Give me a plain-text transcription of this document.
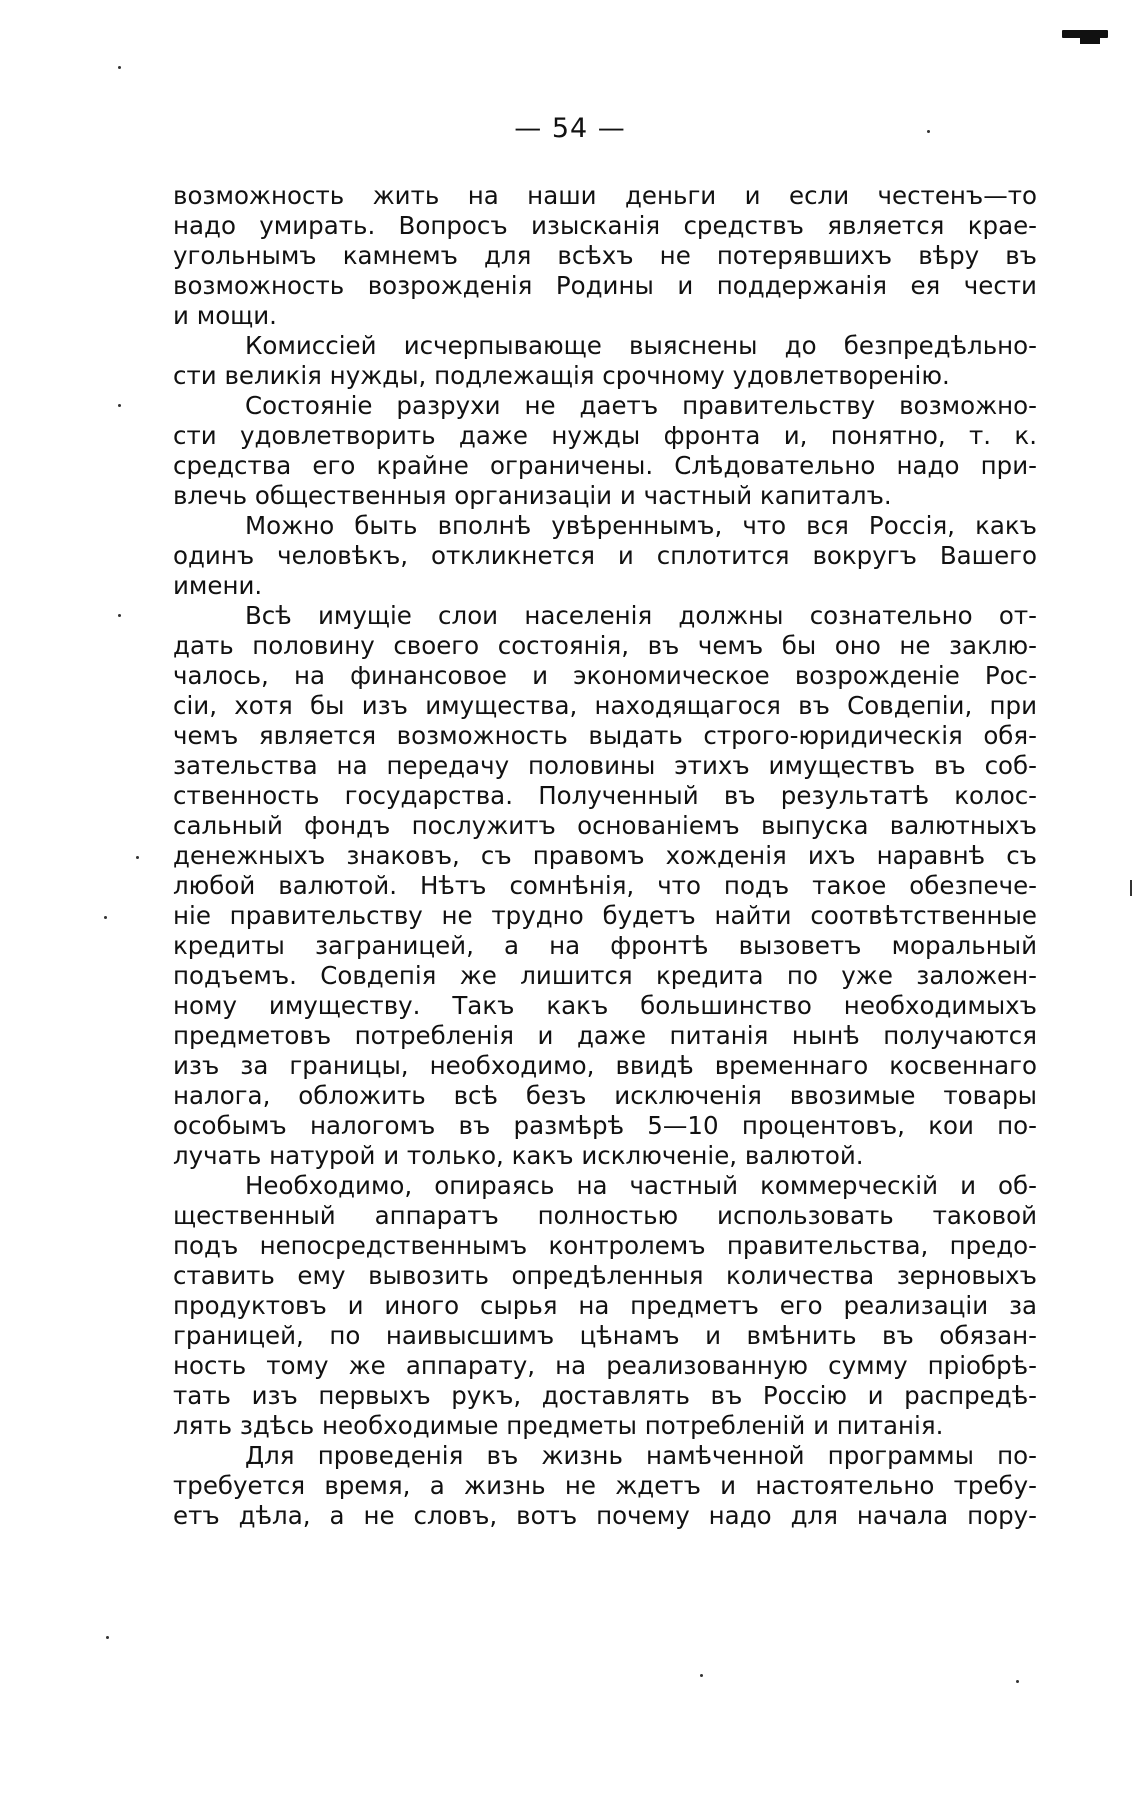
— 54 —
возможность жить на наши деньги и если честенъ—то
надо умирать. Вопросъ изысканія средствъ является крае-
угольнымъ камнемъ для всѣхъ не потерявшихъ вѣру въ
возможность возрожденія Родины и поддержанія ея чести
и мощи.
Комиссіей исчерпывающе выяснены до безпредѣльно-
сти великія нужды, подлежащія срочному удовлетворенію.
Состояніе разрухи не даетъ правительству возможно-
сти удовлетворить даже нужды фронта и, понятно, т. к.
средства его крайне ограничены. Слѣдовательно надо при-
влечь общественныя организаціи и частный капиталъ.
Можно быть вполнѣ увѣреннымъ, что вся Россія, какъ
одинъ человѣкъ, откликнется и сплотится вокругъ Вашего
имени.
Всѣ имущіе слои населенія должны сознательно от-
дать половину своего состоянія, въ чемъ бы оно не заклю-
чалось, на финансовое и экономическое возрожденіе Рос-
сіи, хотя бы изъ имущества, находящагося въ Совдепіи, при
чемъ является возможность выдать строго-юридическія обя-
зательства на передачу половины этихъ имуществъ въ соб-
ственность государства. Полученный въ результатѣ колос-
сальный фондъ послужитъ основаніемъ выпуска валютныхъ
денежныхъ знаковъ, съ правомъ хожденія ихъ наравнѣ съ
любой валютой. Нѣтъ сомнѣнія, что подъ такое обезпече-
ніе правительству не трудно будетъ найти соотвѣтственные
кредиты заграницей, а на фронтѣ вызоветъ моральный
подъемъ. Совдепія же лишится кредита по уже заложен-
ному имуществу. Такъ какъ большинство необходимыхъ
предметовъ потребленія и даже питанія нынѣ получаются
изъ за границы, необходимо, ввидѣ временнаго косвеннаго
налога, обложить всѣ безъ исключенія ввозимые товары
особымъ налогомъ въ размѣрѣ 5—10 процентовъ, кои по-
лучать натурой и только, какъ исключеніе, валютой.
Необходимо, опираясь на частный коммерческій и об-
щественный аппаратъ полностью использовать таковой
подъ непосредственнымъ контролемъ правительства, предо-
ставить ему вывозить опредѣленныя количества зерновыхъ
продуктовъ и иного сырья на предметъ его реализаціи за
границей, по наивысшимъ цѣнамъ и вмѣнить въ обязан-
ность тому же аппарату, на реализованную сумму пріобрѣ-
тать изъ первыхъ рукъ, доставлять въ Россію и распредѣ-
лять здѣсь необходимые предметы потребленій и питанія.
Для проведенія въ жизнь намѣченной программы по-
требуется время, а жизнь не ждетъ и настоятельно требу-
етъ дѣла, а не словъ, вотъ почему надо для начала пору-
